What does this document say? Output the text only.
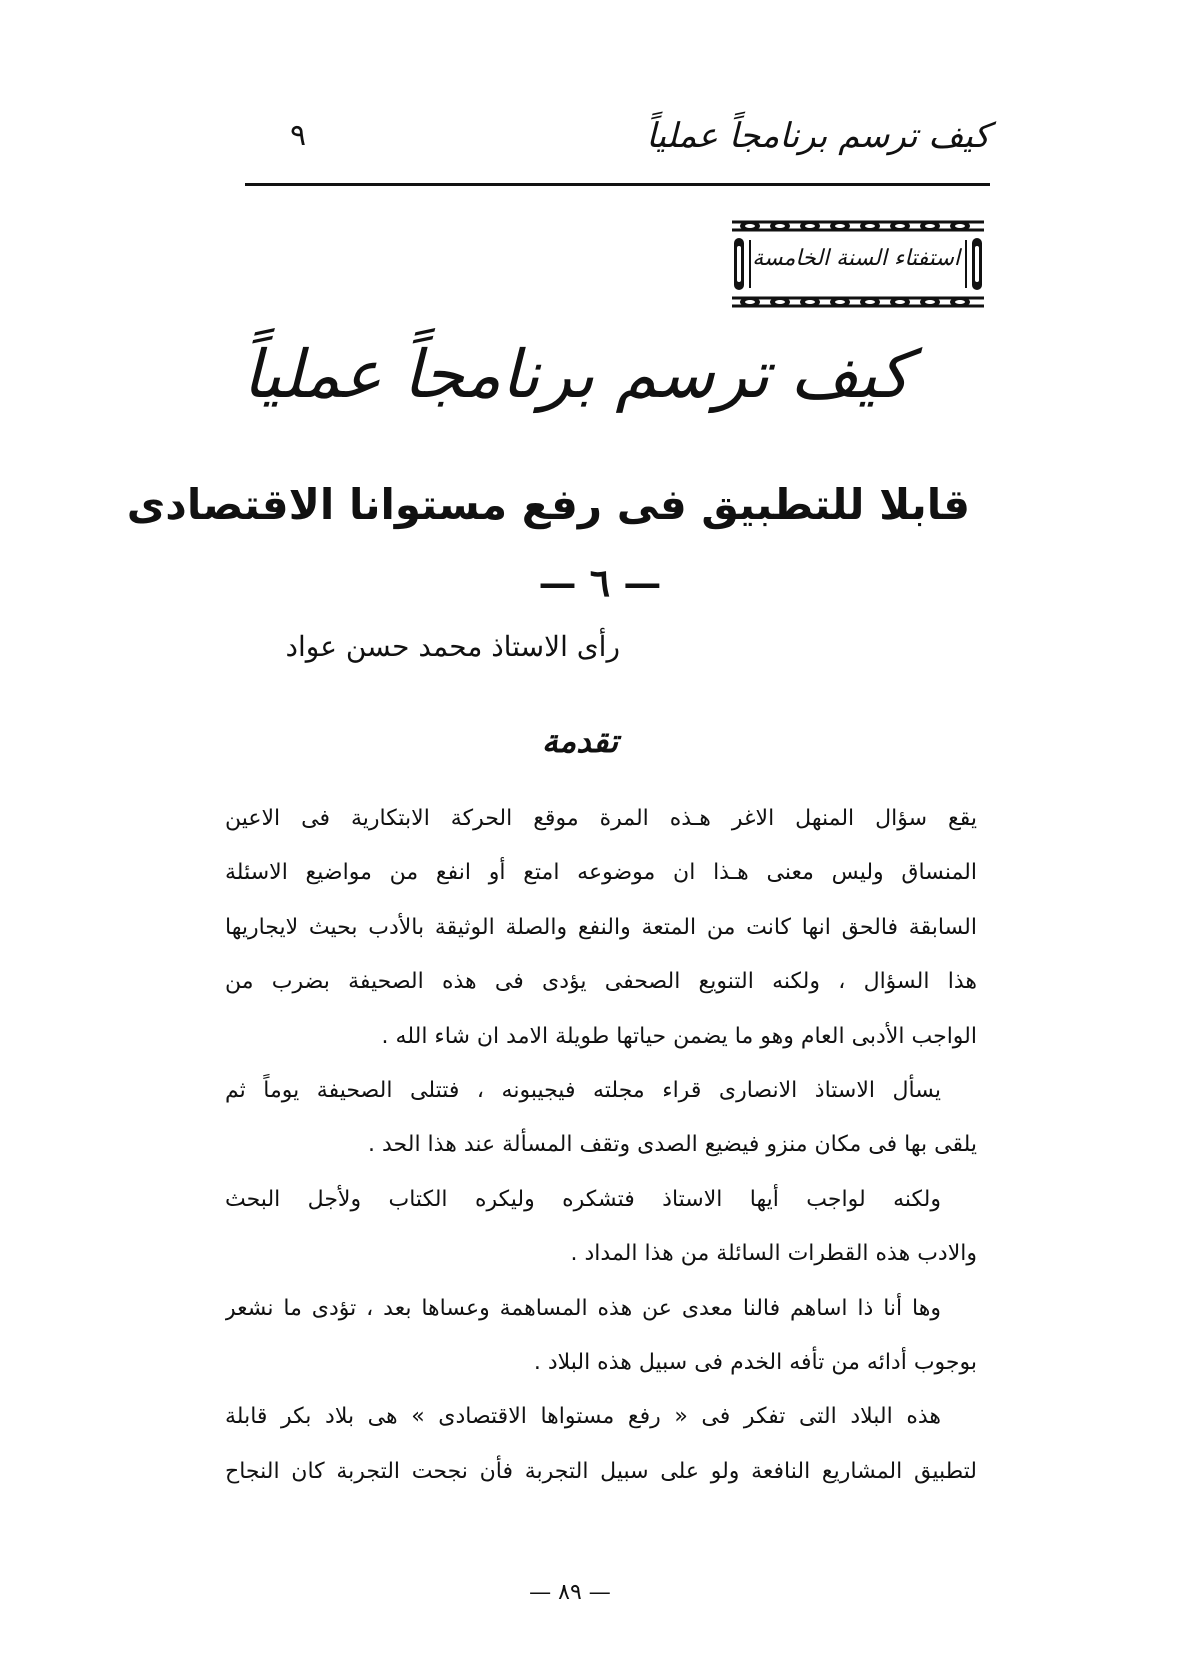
كيف ترسم برنامجاً عملياً
٩
استفتاء السنة الخامسة
كيف ترسم برنامجاً عملياً
قابلا للتطبيق فى رفع مستوانا الاقتصادى
— ٦ —
رأى الاستاذ محمد حسن عواد
تقدمة
يقع سؤال المنهل الاغر هـذه المرة موقع الحركة الابتكارية فى الاعين
المنساق وليس معنى هـذا ان موضوعه امتع أو انفع من مواضيع الاسئلة
السابقة فالحق انها كانت من المتعة والنفع والصلة الوثيقة بالأدب بحيث لايجاريها
هذا السؤال ، ولكنه التنويع الصحفى يؤدى فى هذه الصحيفة بضرب من
الواجب الأدبى العام وهو ما يضمن حياتها طويلة الامد ان شاء الله .
يسأل الاستاذ الانصارى قراء مجلته فيجيبونه ، فتتلى الصحيفة يوماً ثم
يلقى بها فى مكان منزو فيضيع الصدى وتقف المسألة عند هذا الحد .
ولكنه لواجب أيها الاستاذ فتشكره وليكره الكتاب ولأجل البحث
والادب هذه القطرات السائلة من هذا المداد .
وها أنا ذا اساهم فالنا معدى عن هذه المساهمة وعساها بعد ، تؤدى ما نشعر
بوجوب أدائه من تأفه الخدم فى سبيل هذه البلاد .
هذه البلاد التى تفكر فى « رفع مستواها الاقتصادى » هى بلاد بكر قابلة
لتطبيق المشاريع النافعة ولو على سبيل التجربة فأن نجحت التجربة كان النجاح
— ٨٩ —
